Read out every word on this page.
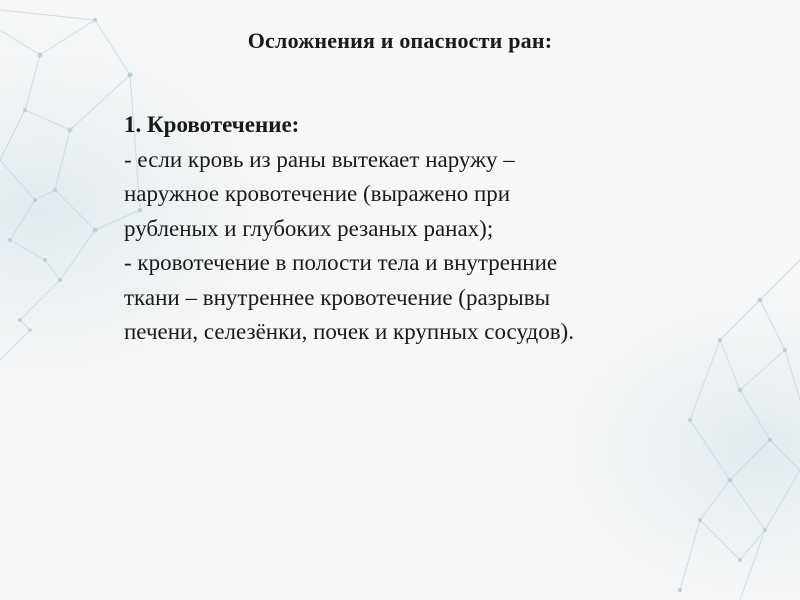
Осложнения и опасности ран:
1. Кровотечение:
- если кровь из раны вытекает наружу –
наружное кровотечение (выражено при
рубленых и глубоких резаных ранах);
- кровотечение в полости тела и внутренние
ткани – внутреннее кровотечение (разрывы
печени, селезёнки, почек и крупных сосудов).
